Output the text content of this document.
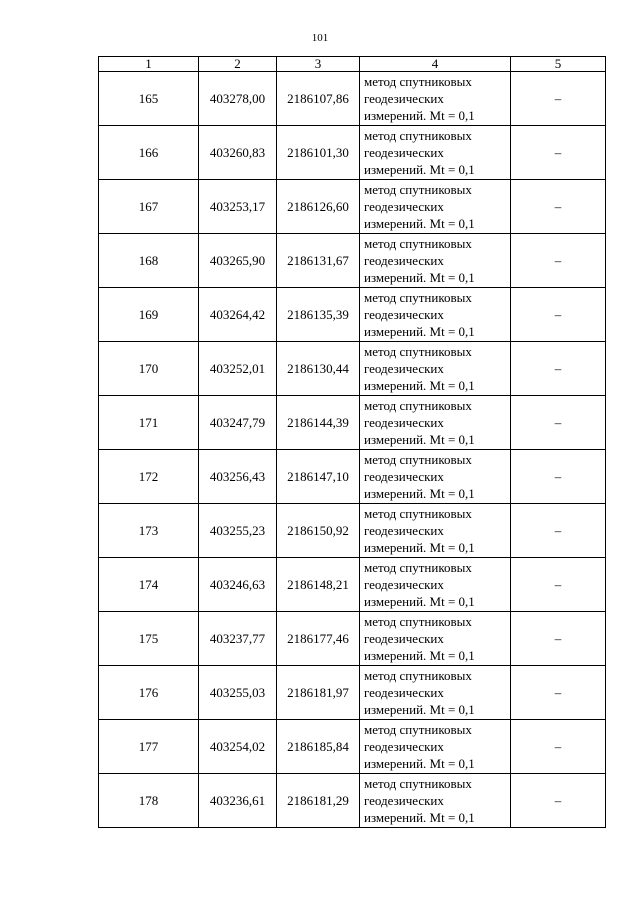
101
1	2	3	4	5
165	403278,00	2186107,86	метод спутниковых
геодезических
измерений. Mt = 0,1	–
166	403260,83	2186101,30	метод спутниковых
геодезических
измерений. Mt = 0,1	–
167	403253,17	2186126,60	метод спутниковых
геодезических
измерений. Mt = 0,1	–
168	403265,90	2186131,67	метод спутниковых
геодезических
измерений. Mt = 0,1	–
169	403264,42	2186135,39	метод спутниковых
геодезических
измерений. Mt = 0,1	–
170	403252,01	2186130,44	метод спутниковых
геодезических
измерений. Mt = 0,1	–
171	403247,79	2186144,39	метод спутниковых
геодезических
измерений. Mt = 0,1	–
172	403256,43	2186147,10	метод спутниковых
геодезических
измерений. Mt = 0,1	–
173	403255,23	2186150,92	метод спутниковых
геодезических
измерений. Mt = 0,1	–
174	403246,63	2186148,21	метод спутниковых
геодезических
измерений. Mt = 0,1	–
175	403237,77	2186177,46	метод спутниковых
геодезических
измерений. Mt = 0,1	–
176	403255,03	2186181,97	метод спутниковых
геодезических
измерений. Mt = 0,1	–
177	403254,02	2186185,84	метод спутниковых
геодезических
измерений. Mt = 0,1	–
178	403236,61	2186181,29	метод спутниковых
геодезических
измерений. Mt = 0,1	–
